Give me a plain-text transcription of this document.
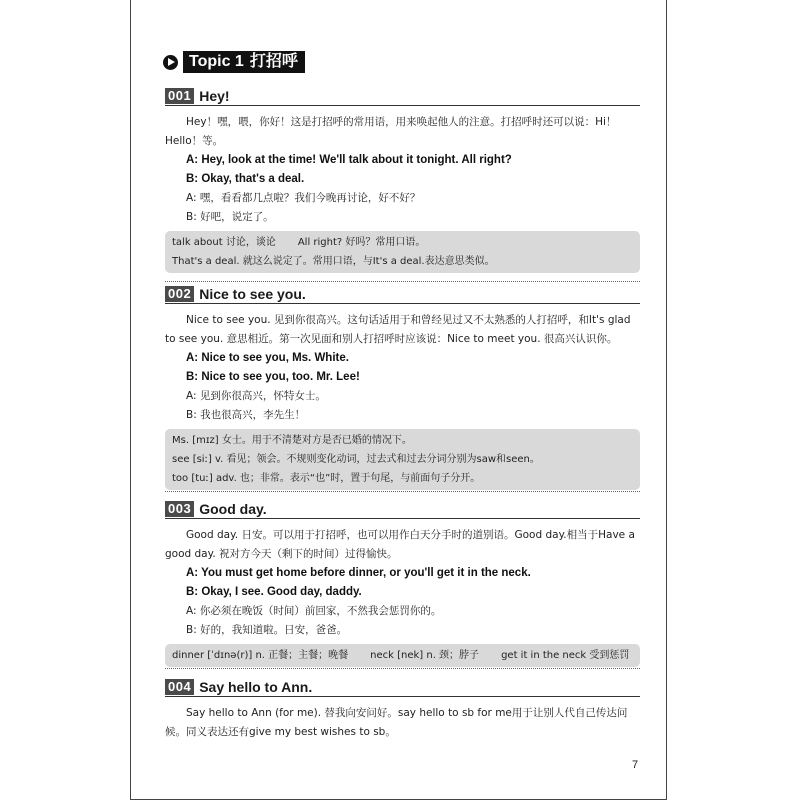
Topic 1 打招呼
001 Hey!
Hey！嘿，喂，你好！这是打招呼的常用语，用来唤起他人的注意。打招呼时还可以说：Hi！Hello！等。
A: Hey, look at the time! We'll talk about it tonight. All right?
B: Okay, that's a deal.
A: 嘿，看看都几点啦？我们今晚再讨论，好不好？
B: 好吧，说定了。
talk about 讨论，谈论 All right? 好吗？常用口语。
That's a deal. 就这么说定了。常用口语，与It's a deal.表达意思类似。
002 Nice to see you.
Nice to see you. 见到你很高兴。这句话适用于和曾经见过又不太熟悉的人打招呼，和It's glad to see you. 意思相近。第一次见面和别人打招呼时应该说：Nice to meet you. 很高兴认识你。
A: Nice to see you, Ms. White.
B: Nice to see you, too. Mr. Lee!
A: 见到你很高兴，怀特女士。
B: 我也很高兴，李先生！
Ms. [mɪz] 女士。用于不清楚对方是否已婚的情况下。
see [siː] v. 看见；领会。不规则变化动词，过去式和过去分词分别为saw和seen。
too [tuː] adv. 也；非常。表示“也”时，置于句尾，与前面句子分开。
003 Good day.
Good day. 日安。可以用于打招呼，也可以用作白天分手时的道别语。Good day.相当于Have a good day. 祝对方今天（剩下的时间）过得愉快。
A: You must get home before dinner, or you'll get it in the neck.
B: Okay, I see. Good day, daddy.
A: 你必须在晚饭（时间）前回家，不然我会惩罚你的。
B: 好的，我知道啦。日安，爸爸。
dinner [ˈdɪnə(r)] n. 正餐；主餐；晚餐 neck [nek] n. 颈；脖子 get it in the neck 受到惩罚
004 Say hello to Ann.
Say hello to Ann (for me). 替我向安问好。say hello to sb for me用于让别人代自己传达问候。同义表达还有give my best wishes to sb。
7
